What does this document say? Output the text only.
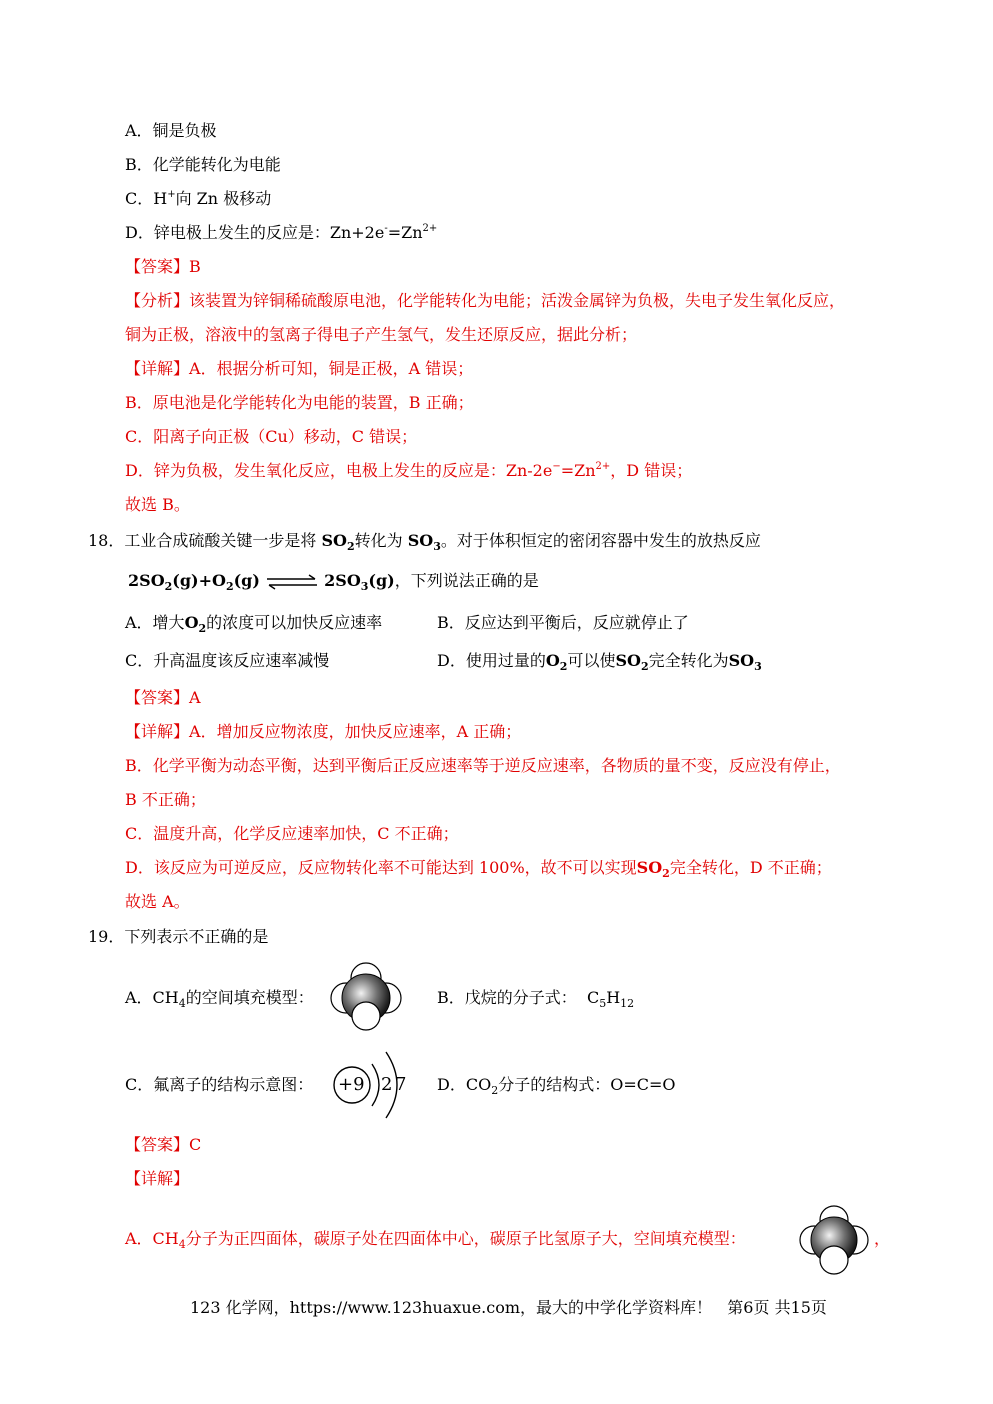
A．铜是负极
B．化学能转化为电能
C．H+向 Zn 极移动
D．锌电极上发生的反应是：$Zn+2e^-=Zn^{2+}$
【答案】B
【分析】该装置为锌铜稀硫酸原电池，化学能转化为电能；活泼金属锌为负极，失电子发生氧化反应，
铜为正极，溶液中的氢离子得电子产生氢气，发生还原反应，据此分析；
【详解】A．根据分析可知，铜是正极，A 错误；
B．原电池是化学能转化为电能的装置，B 正确；
C．阳离子向正极（Cu）移动，C 错误；
D．锌为负极，发生氧化反应，电极上发生的反应是：$Zn-2e^-=Zn^{2+}$，D 错误；
故选 B。
18．工业合成硫酸关键一步是将 $SO_2$转化为 $SO_3$。对于体积恒定的密闭容器中发生的放热反应
$2SO_2(g)+O_2(g)$ ⇌ $2SO_3(g)$，下列说法正确的是
A．增大$O_2$的浓度可以加快反应速率	B．反应达到平衡后，反应就停止了
C．升高温度该反应速率减慢	D．使用过量的$O_2$可以使$SO_2$完全转化为$SO_3$
【答案】A
【详解】A．增加反应物浓度，加快反应速率，A 正确；
B．化学平衡为动态平衡，达到平衡后正反应速率等于逆反应速率，各物质的量不变，反应没有停止，
B 不正确；
C．温度升高，化学反应速率加快，C 不正确；
D．该反应为可逆反应，反应物转化率不可能达到 100%，故不可以实现$SO_2$完全转化，D 不正确；
故选 A。
19．下列表示不正确的是
A．$CH_4$的空间填充模型：	B．戊烷的分子式： $C_5H_{12}$
C．氟离子的结构示意图： +9 2 7 D．$CO_2$分子的结构式：O=C=O
【答案】C
【详解】
A．$CH_4$分子为正四面体，碳原子处在四面体中心，碳原子比氢原子大，空间填充模型：	，
123 化学网，https://www.123huaxue.com，最大的中学化学资料库！ 第6页 共15页
